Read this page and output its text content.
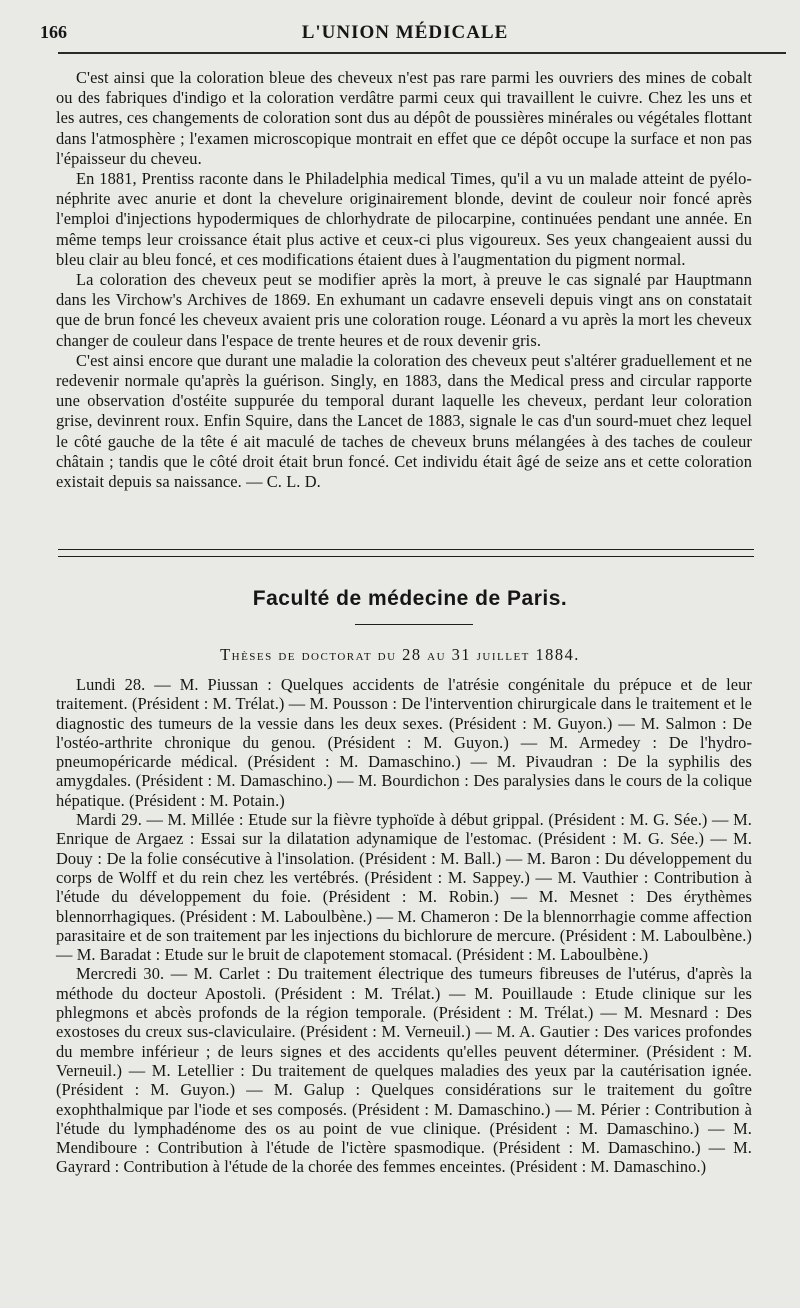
166	L'UNION MÉDICALE

C'est ainsi que la coloration bleue des cheveux n'est pas rare parmi les ouvriers des mines de cobalt ou des fabriques d'indigo et la coloration verdâtre parmi ceux qui travaillent le cuivre. Chez les uns et les autres, ces changements de coloration sont dus au dépôt de poussières minérales ou végétales flottant dans l'atmosphère ; l'examen microscopique montrait en effet que ce dépôt occupe la surface et non pas l'épaisseur du cheveu.

En 1881, Prentiss raconte dans le Philadelphia medical Times, qu'il a vu un malade atteint de pyélo-néphrite avec anurie et dont la chevelure originairement blonde, devint de couleur noir foncé après l'emploi d'injections hypodermiques de chlorhydrate de pilocarpine, continuées pendant une année. En même temps leur croissance était plus active et ceux-ci plus vigoureux. Ses yeux changeaient aussi du bleu clair au bleu foncé, et ces modifications étaient dues à l'augmentation du pigment normal.

La coloration des cheveux peut se modifier après la mort, à preuve le cas signalé par Hauptmann dans les Virchow's Archives de 1869. En exhumant un cadavre enseveli depuis vingt ans on constatait que de brun foncé les cheveux avaient pris une coloration rouge. Léonard a vu après la mort les cheveux changer de couleur dans l'espace de trente heures et de roux devenir gris.

C'est ainsi encore que durant une maladie la coloration des cheveux peut s'altérer graduellement et ne redevenir normale qu'après la guérison. Singly, en 1883, dans the Medical press and circular rapporte une observation d'ostéite suppurée du temporal durant laquelle les cheveux, perdant leur coloration grise, devinrent roux. Enfin Squire, dans the Lancet de 1883, signale le cas d'un sourd-muet chez lequel le côté gauche de la tête é ait maculé de taches de cheveux bruns mélangées à des taches de couleur châtain ; tandis que le côté droit était brun foncé. Cet individu était âgé de seize ans et cette coloration existait depuis sa naissance. — C. L. D.

Faculté de médecine de Paris.
Thèses de doctorat du 28 au 31 juillet 1884.

Lundi 28. — M. Piussan : Quelques accidents de l'atrésie congénitale du prépuce et de leur traitement. (Président : M. Trélat.) — M. Pousson : De l'intervention chirurgicale dans le traitement et le diagnostic des tumeurs de la vessie dans les deux sexes. (Président : M. Guyon.) — M. Salmon : De l'ostéo-arthrite chronique du genou. (Président : M. Guyon.) — M. Armedey : De l'hydro-pneumopéricarde médical. (Président : M. Damaschino.) — M. Pivaudran : De la syphilis des amygdales. (Président : M. Damaschino.) — M. Bourdichon : Des paralysies dans le cours de la colique hépatique. (Président : M. Potain.)

Mardi 29. — M. Millée : Etude sur la fièvre typhoïde à début grippal. (Président : M. G. Sée.) — M. Enrique de Argaez : Essai sur la dilatation adynamique de l'estomac. (Président : M. G. Sée.) — M. Douy : De la folie consécutive à l'insolation. (Président : M. Ball.) — M. Baron : Du développement du corps de Wolff et du rein chez les vertébrés. (Président : M. Sappey.) — M. Vauthier : Contribution à l'étude du développement du foie. (Président : M. Robin.) — M. Mesnet : Des érythèmes blennorrhagiques. (Président : M. Laboulbène.) — M. Chameron : De la blennorrhagie comme affection parasitaire et de son traitement par les injections du bichlorure de mercure. (Président : M. Laboulbène.) — M. Baradat : Etude sur le bruit de clapotement stomacal. (Président : M. Laboulbène.)

Mercredi 30. — M. Carlet : Du traitement électrique des tumeurs fibreuses de l'utérus, d'après la méthode du docteur Apostoli. (Président : M. Trélat.) — M. Pouillaude : Etude clinique sur les phlegmons et abcès profonds de la région temporale. (Président : M. Trélat.) — M. Mesnard : Des exostoses du creux sus-claviculaire. (Président : M. Verneuil.) — M. A. Gautier : Des varices profondes du membre inférieur ; de leurs signes et des accidents qu'elles peuvent déterminer. (Président : M. Verneuil.) — M. Letellier : Du traitement de quelques maladies des yeux par la cautérisation ignée. (Président : M. Guyon.) — M. Galup : Quelques considérations sur le traitement du goître exophthalmique par l'iode et ses composés. (Président : M. Damaschino.) — M. Périer : Contribution à l'étude du lymphadénome des os au point de vue clinique. (Président : M. Damaschino.) — M. Mendiboure : Contribution à l'étude de l'ictère spasmodique. (Président : M. Damaschino.) — M. Gayrard : Contribution à l'étude de la chorée des femmes enceintes. (Président : M. Damaschino.)
